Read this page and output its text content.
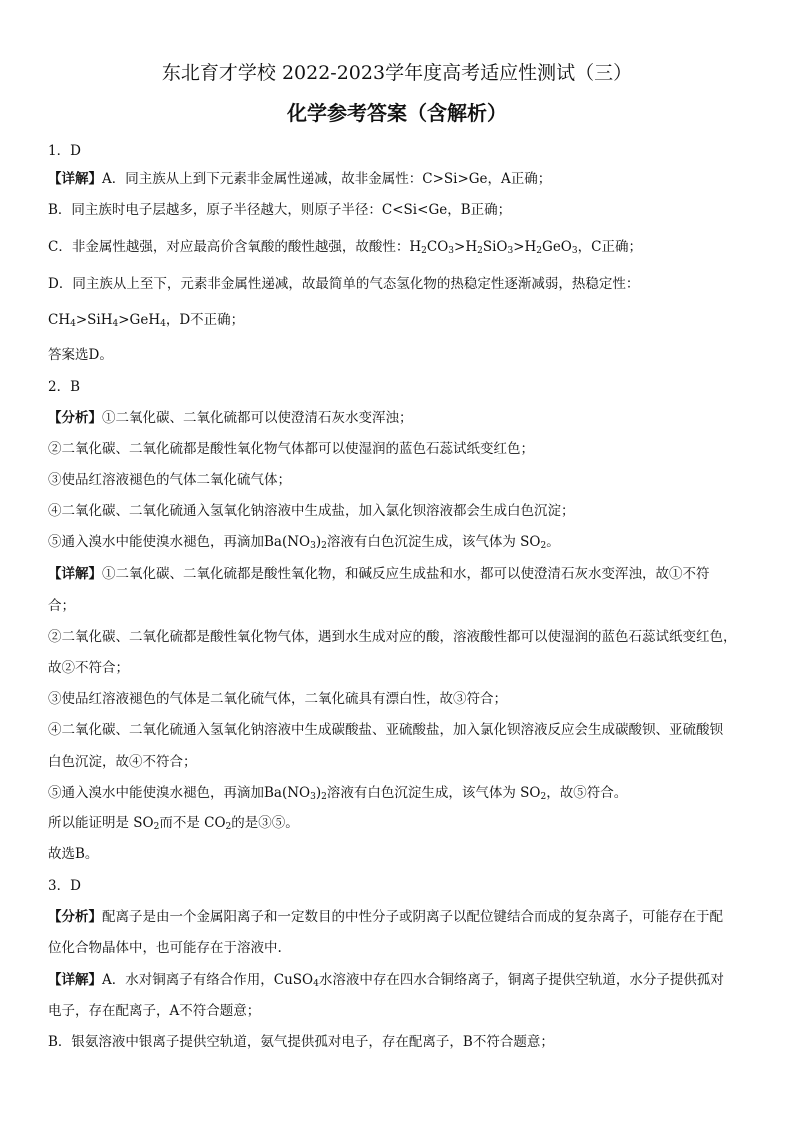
东北育才学校 2022-2023学年度高考适应性测试（三）
化学参考答案（含解析）
1．D
【详解】A．同主族从上到下元素非金属性递减，故非金属性：C>Si>Ge，A正确；
B．同主族时电子层越多，原子半径越大，则原子半径：C<Si<Ge，B正确；
C．非金属性越强，对应最高价含氧酸的酸性越强，故酸性：$H_2CO_3>H_2SiO_3>H_2GeO_3$，C正确；
D．同主族从上至下，元素非金属性递减，故最简单的气态氢化物的热稳定性逐渐减弱，热稳定性：
$CH_4>SiH_4>GeH_4$，D不正确；
答案选D。
2．B
【分析】①二氧化碳、二氧化硫都可以使澄清石灰水变浑浊；
②二氧化碳、二氧化硫都是酸性氧化物气体都可以使湿润的蓝色石蕊试纸变红色；
③使品红溶液褪色的气体二氧化硫气体；
④二氧化碳、二氧化硫通入氢氧化钠溶液中生成盐，加入氯化钡溶液都会生成白色沉淀；
⑤通入溴水中能使溴水褪色，再滴加$Ba(NO_3)_2$溶液有白色沉淀生成，该气体为 $SO_2$。
【详解】①二氧化碳、二氧化硫都是酸性氧化物，和碱反应生成盐和水，都可以使澄清石灰水变浑浊，故①不符
合；
②二氧化碳、二氧化硫都是酸性氧化物气体，遇到水生成对应的酸，溶液酸性都可以使湿润的蓝色石蕊试纸变红色，
故②不符合；
③使品红溶液褪色的气体是二氧化硫气体，二氧化硫具有漂白性，故③符合；
④二氧化碳、二氧化硫通入氢氧化钠溶液中生成碳酸盐、亚硫酸盐，加入氯化钡溶液反应会生成碳酸钡、亚硫酸钡
白色沉淀，故④不符合；
⑤通入溴水中能使溴水褪色，再滴加$Ba(NO_3)_2$溶液有白色沉淀生成，该气体为 $SO_2$，故⑤符合。
所以能证明是 $SO_2$而不是 $CO_2$的是③⑤。
故选B。
3．D
【分析】配离子是由一个金属阳离子和一定数目的中性分子或阴离子以配位键结合而成的复杂离子，可能存在于配
位化合物晶体中，也可能存在于溶液中.
【详解】A．水对铜离子有络合作用，CuSO$_4$水溶液中存在四水合铜络离子，铜离子提供空轨道，水分子提供孤对
电子，存在配离子，A不符合题意；
B．银氨溶液中银离子提供空轨道，氨气提供孤对电子，存在配离子，B不符合题意；
